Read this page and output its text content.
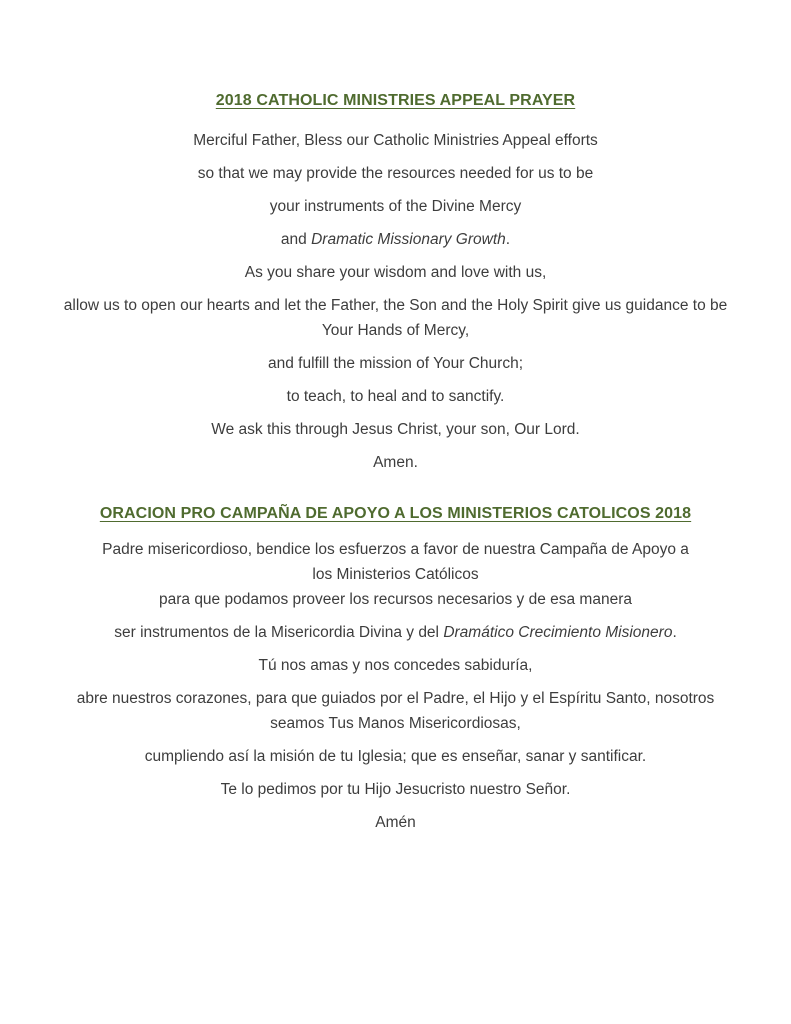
2018 CATHOLIC MINISTRIES APPEAL PRAYER

Merciful Father, Bless our Catholic Ministries Appeal efforts

so that we may provide the resources needed for us to be

your instruments of the Divine Mercy

and Dramatic Missionary Growth.

As you share your wisdom and love with us,

allow us to open our hearts and let the Father, the Son and the Holy Spirit give us guidance to be Your Hands of Mercy,

and fulfill the mission of Your Church;

to teach, to heal and to sanctify.

We ask this through Jesus Christ, your son, Our Lord.

Amen.

ORACION PRO CAMPAÑA DE APOYO A LOS MINISTERIOS CATOLICOS 2018

Padre misericordioso, bendice los esfuerzos a favor de nuestra Campaña de Apoyo a los Ministerios Católicos

para que podamos proveer los recursos necesarios y de esa manera

ser instrumentos de la Misericordia Divina y del Dramático Crecimiento Misionero.

Tú nos amas y nos concedes sabiduría,

abre nuestros corazones, para que guiados por el Padre, el Hijo y el Espíritu Santo, nosotros seamos Tus Manos Misericordiosas,

cumpliendo así la misión de tu Iglesia; que es enseñar, sanar y santificar.

Te lo pedimos por tu Hijo Jesucristo nuestro Señor.

Amén
